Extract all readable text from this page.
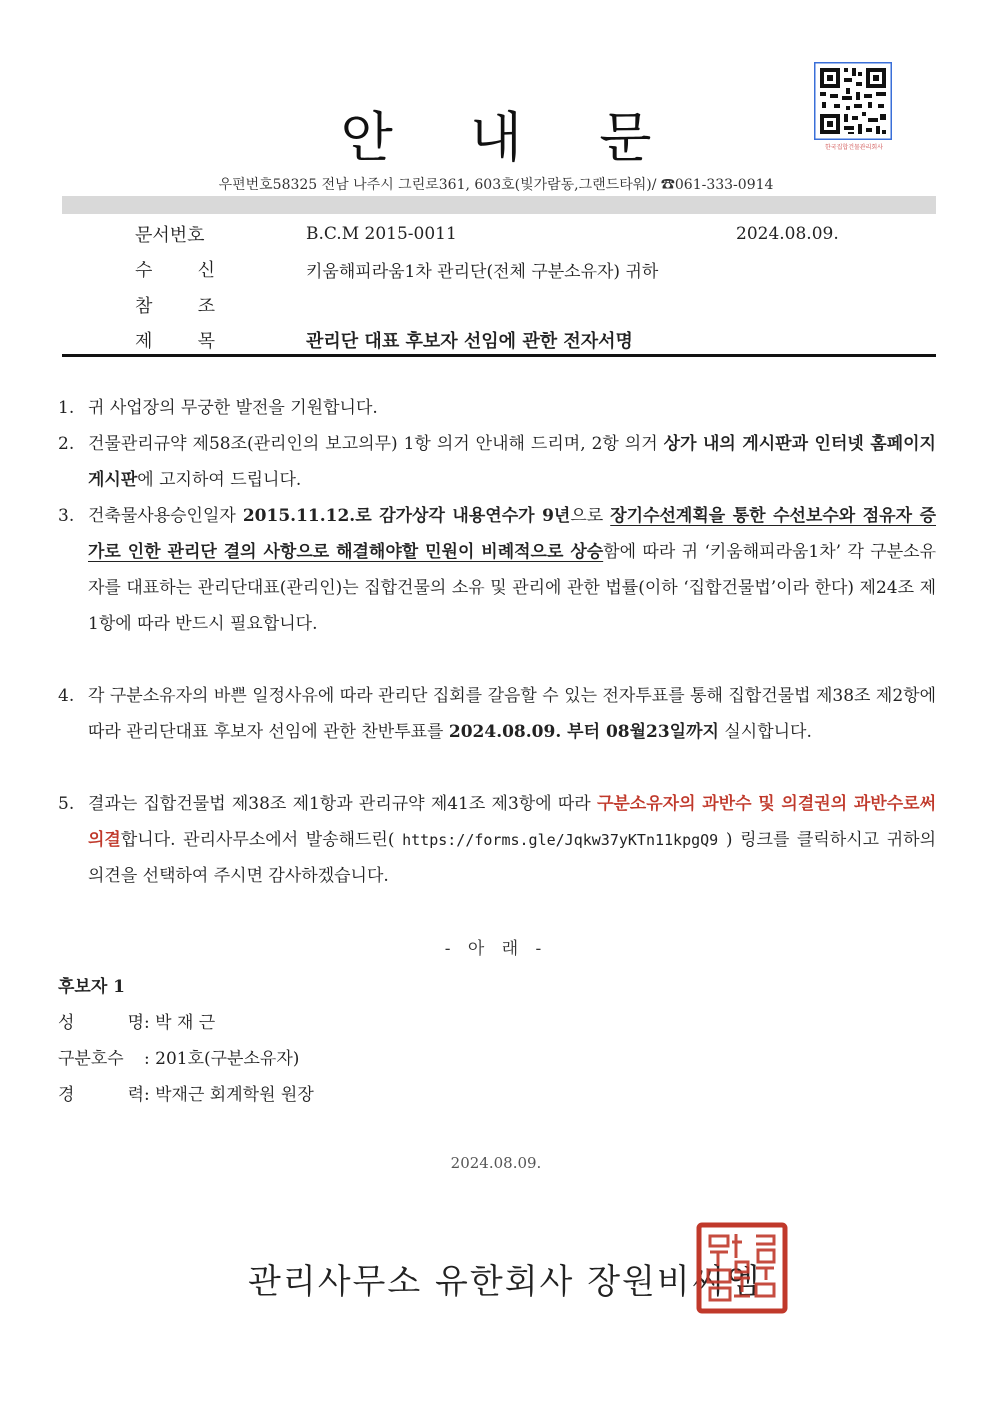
안 내 문	한국집합건물관리회사
우편번호58325 전남 나주시 그린로361, 603호(빛가람동,그랜드타워)/ ☎061-333-0914
문서번호	B.C.M 2015-0011	2024.08.09.
수	신	키움해피라움1차 관리단(전체 구분소유자) 귀하
참	조
제	목	관리단 대표 후보자 선임에 관한 전자서명
1. 귀 사업장의 무궁한 발전을 기원합니다.
2. 건물관리규약 제58조(관리인의 보고의무) 1항 의거 안내해 드리며, 2항 의거 상가 내의 게시판과 인터넷 홈페이지 게시판에 고지하여 드립니다.
3. 건축물사용승인일자 2015.11.12.로 감가상각 내용연수가 9년으로 장기수선계획을 통한 수선보수와 점유자 증가로 인한 관리단 결의 사항으로 해결해야할 민원이 비례적으로 상승함에 따라 귀 ‘키움해피라움1차’ 각 구분소유자를 대표하는 관리단대표(관리인)는 집합건물의 소유 및 관리에 관한 법률(이하 ‘집합건물법’이라 한다) 제24조 제1항에 따라 반드시 필요합니다.
4. 각 구분소유자의 바쁜 일정사유에 따라 관리단 집회를 갈음할 수 있는 전자투표를 통해 집합건물법 제38조 제2항에 따라 관리단대표 후보자 선임에 관한 찬반투표를 2024.08.09. 부터 08월23일까지 실시합니다.
5. 결과는 집합건물법 제38조 제1항과 관리규약 제41조 제3항에 따라 구분소유자의 과반수 및 의결권의 과반수로써 의결합니다. 관리사무소에서 발송해드린( https://forms.gle/Jqkw37yKTn11kpgQ9 ) 링크를 클릭하시고 귀하의 의견을 선택하여 주시면 감사하겠습니다.
- 아 래 -
후보자 1
성	명 : 박 재 근
구분호수 : 201호(구분소유자)
경	력 : 박재근 회계학원 원장
2024.08.09.
관리사무소 유한회사 장원비씨엠
